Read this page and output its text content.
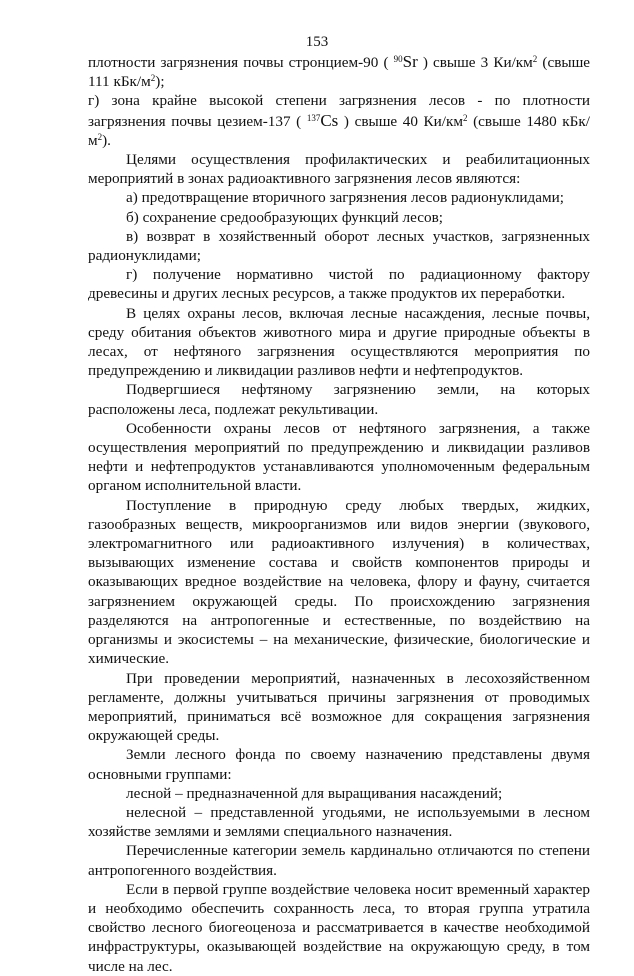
153

плотности загрязнения почвы стронцием-90 ( $^{90}$Sr ) свыше 3 $Ки/км^2$ (свыше 111 кБк/$м^2$);

г) зона крайне высокой степени загрязнения лесов - по плотности загрязнения почвы цезием-137 ( $^{137}$Cs ) свыше 40 $Ки/км^2$ (свыше 1480 кБк/$м^2$).

Целями осуществления профилактических и реабилитационных мероприятий в зонах радиоактивного загрязнения лесов являются:

а) предотвращение вторичного загрязнения лесов радионуклидами;

б) сохранение средообразующих функций лесов;

в) возврат в хозяйственный оборот лесных участков, загрязненных радионуклидами;

г) получение нормативно чистой по радиационному фактору древесины и других лесных ресурсов, а также продуктов их переработки.

В целях охраны лесов, включая лесные насаждения, лесные почвы, среду обитания объектов животного мира и другие природные объекты в лесах, от нефтяного загрязнения осуществляются мероприятия по предупреждению и ликвидации разливов нефти и нефтепродуктов.

Подвергшиеся нефтяному загрязнению земли, на которых расположены леса, подлежат рекультивации.

Особенности охраны лесов от нефтяного загрязнения, а также осуществления мероприятий по предупреждению и ликвидации разливов нефти и нефтепродуктов устанавливаются уполномоченным федеральным органом исполнительной власти.

Поступление в природную среду любых твердых, жидких, газообразных веществ, микроорганизмов или видов энергии (звукового, электромагнитного или радиоактивного излучения) в количествах, вызывающих изменение состава и свойств компонентов природы и оказывающих вредное воздействие на человека, флору и фауну, считается загрязнением окружающей среды. По происхождению загрязнения разделяются на антропогенные и естественные, по воздействию на организмы и экосистемы – на механические, физические, биологические и химические.

При проведении мероприятий, назначенных в лесохозяйственном регламенте, должны учитываться причины загрязнения от проводимых мероприятий, приниматься всё возможное для сокращения загрязнения окружающей среды.

Земли лесного фонда по своему назначению представлены двумя основными группами:

лесной – предназначенной для выращивания насаждений;

нелесной – представленной угодьями, не используемыми в лесном хозяйстве землями и землями специального назначения.

Перечисленные категории земель кардинально отличаются по степени антропогенного воздействия.

Если в первой группе воздействие человека носит временный характер и необходимо обеспечить сохранность леса, то вторая группа утратила свойство лесного биогеоценоза и рассматривается в качестве необходимой инфраструктуры, оказывающей воздействие на окружающую среду, в том числе на лес.
